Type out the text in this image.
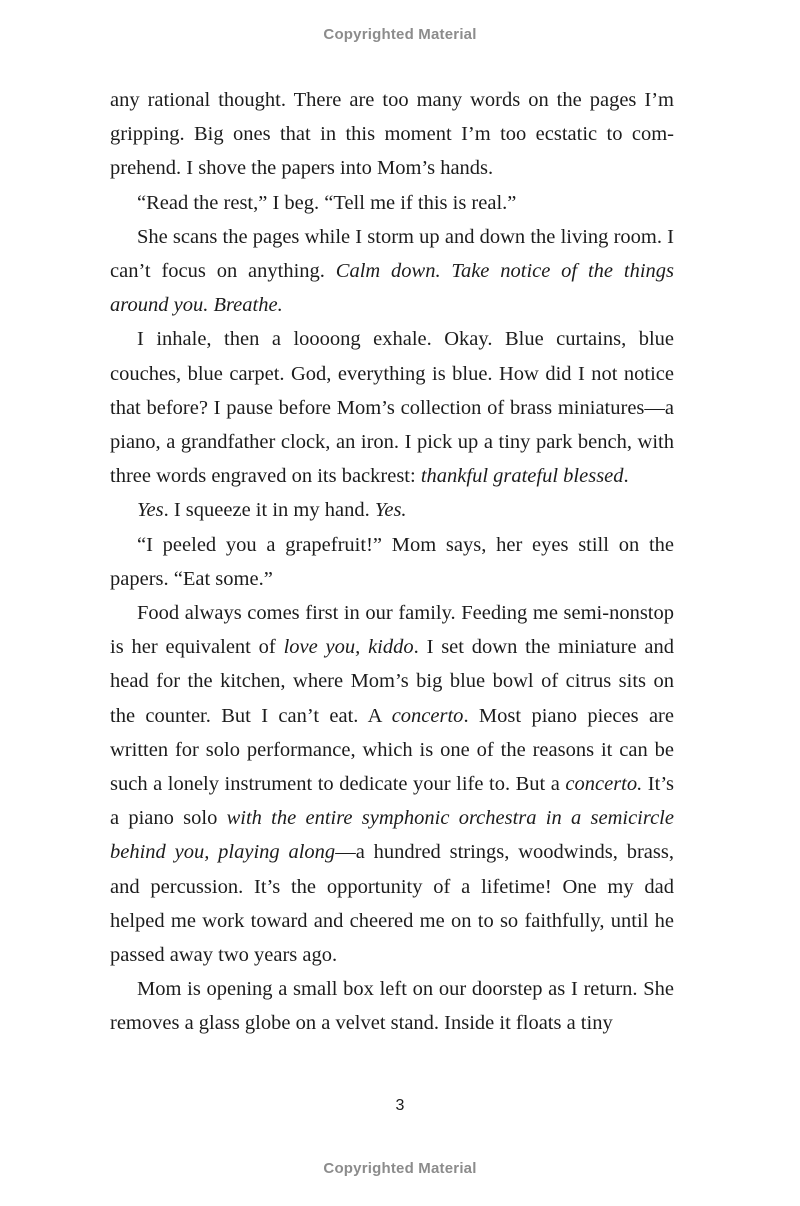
Copyrighted Material

any rational thought. There are too many words on the pages I’m gripping. Big ones that in this moment I’m too ecstatic to comprehend. I shove the papers into Mom’s hands.

“Read the rest,” I beg. “Tell me if this is real.”

She scans the pages while I storm up and down the living room. I can’t focus on anything. Calm down. Take notice of the things around you. Breathe.

I inhale, then a loooong exhale. Okay. Blue curtains, blue couches, blue carpet. God, everything is blue. How did I not notice that before? I pause before Mom’s collection of brass miniatures—a piano, a grandfather clock, an iron. I pick up a tiny park bench, with three words engraved on its backrest: thankful grateful blessed.

Yes. I squeeze it in my hand. Yes.

“I peeled you a grapefruit!” Mom says, her eyes still on the papers. “Eat some.”

Food always comes first in our family. Feeding me semi-nonstop is her equivalent of love you, kiddo. I set down the miniature and head for the kitchen, where Mom’s big blue bowl of citrus sits on the counter. But I can’t eat. A concerto. Most piano pieces are written for solo performance, which is one of the reasons it can be such a lonely instrument to dedicate your life to. But a concerto. It’s a piano solo with the entire symphonic orchestra in a semicircle behind you, playing along—a hundred strings, woodwinds, brass, and percussion. It’s the opportunity of a lifetime! One my dad helped me work toward and cheered me on to so faithfully, until he passed away two years ago.

Mom is opening a small box left on our doorstep as I return. She removes a glass globe on a velvet stand. Inside it floats a tiny

3
Copyrighted Material
